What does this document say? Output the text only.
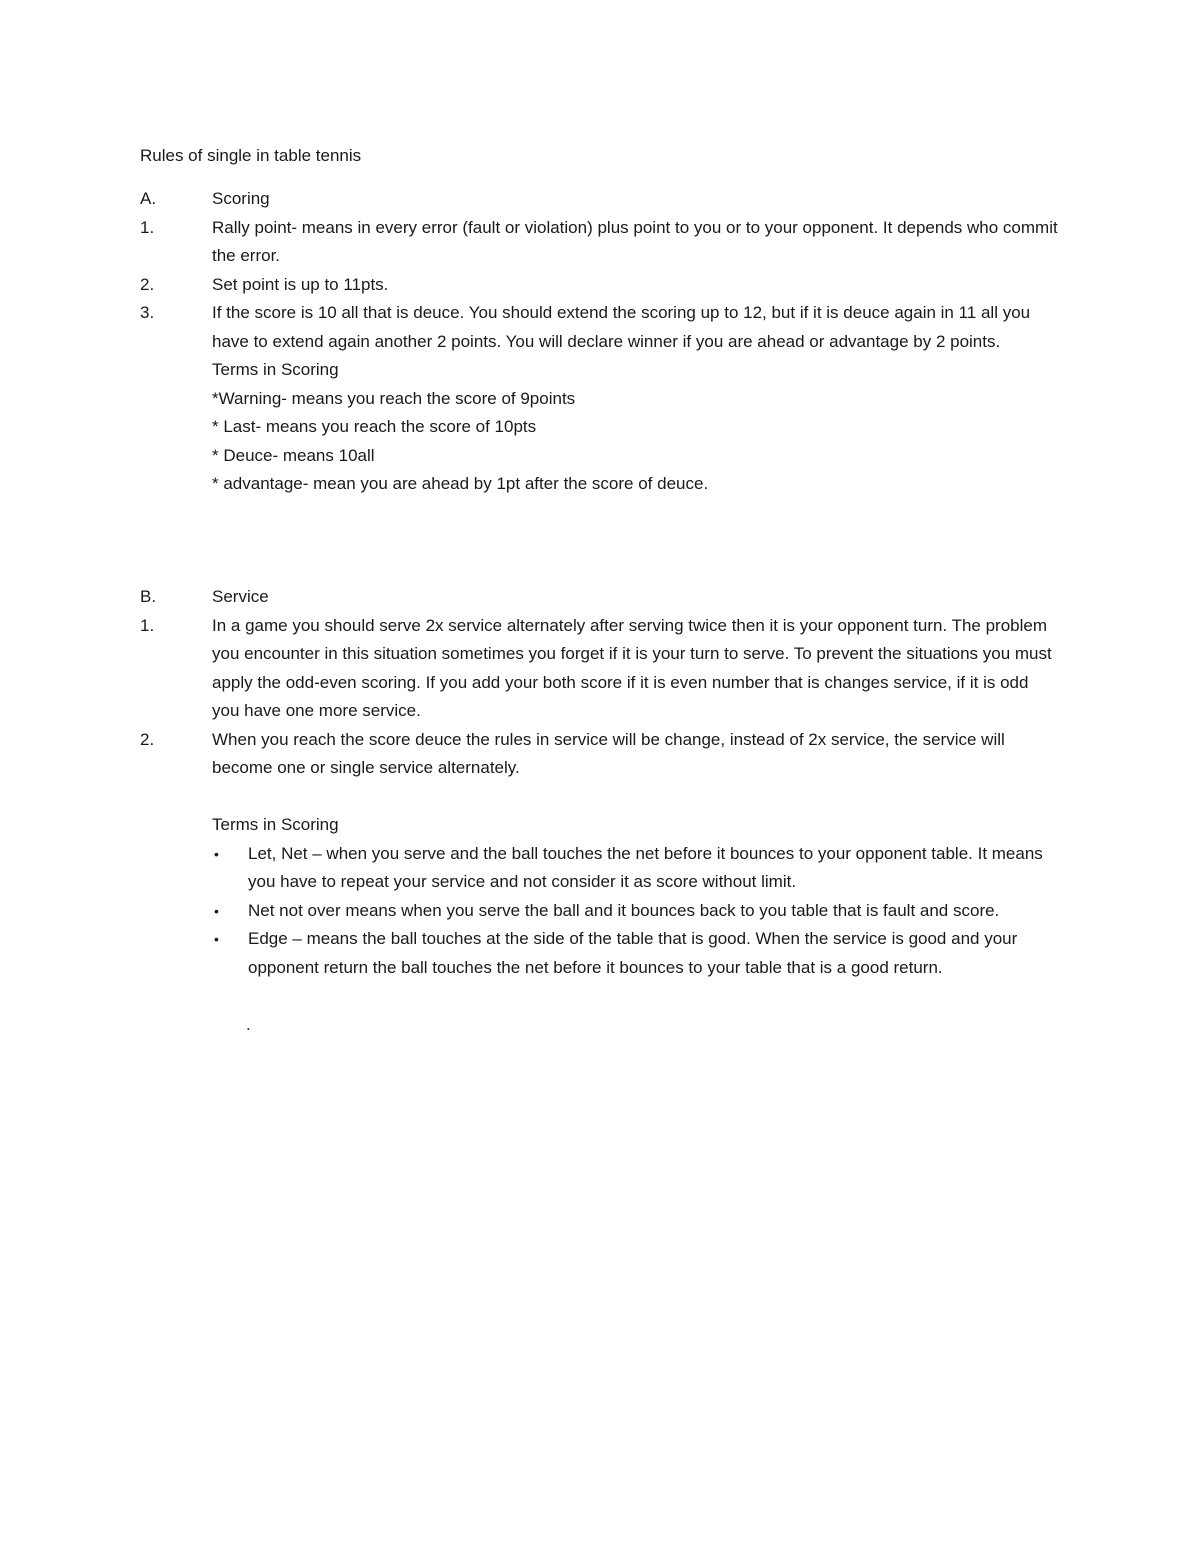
Rules of single in table tennis
A.	Scoring
1.	Rally point- means in every error (fault or violation) plus point to you or to your opponent. It depends who commit the error.
2.	Set point is up to 11pts.
3.	If the score is 10 all that is deuce. You should extend the scoring up to 12, but if it is deuce again in 11 all you have to extend again another 2 points. You will declare winner if you are ahead or advantage by 2 points.
Terms in Scoring
*Warning- means you reach the score of 9points
* Last- means you reach the score of 10pts
* Deuce- means 10all
* advantage- mean you are ahead by 1pt after the score of deuce.
B.	Service
1.	In a game you should serve 2x service alternately after serving twice then it is your opponent turn. The problem you encounter in this situation sometimes you forget if it is your turn to serve. To prevent the situations you must apply the odd-even scoring. If you add your both score if it is even number that is changes service, if it is odd you have one more service.
2.	When you reach the score deuce the rules in service will be change, instead of 2x service, the service will become one or single service alternately.
Terms in Scoring
•	Let, Net – when you serve and the ball touches the net before it bounces to your opponent table. It means you have to repeat your service and not consider it as score without limit.
•	Net not over means when you serve the ball and it bounces back to you table that is fault and score.
•	Edge – means the ball touches at the side of the table that is good. When the service is good and your opponent return the ball touches the net before it bounces to your table that is a good return.
.
